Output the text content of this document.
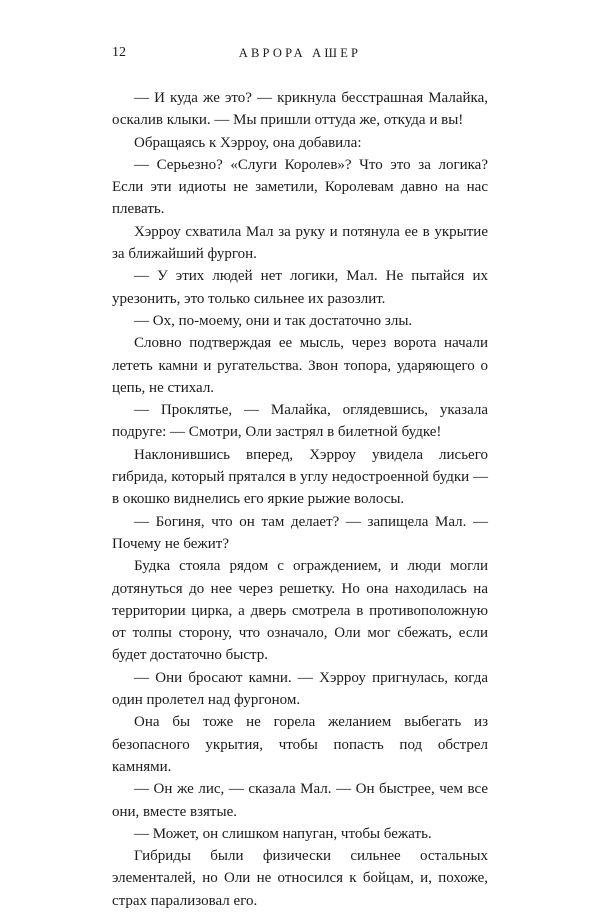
12	АВРОРА АШЕР

— И куда же это? — крикнула бесстрашная Малайка, оскалив клыки. — Мы пришли оттуда же, откуда и вы!

Обращаясь к Хэрроу, она добавила:

— Серьезно? «Слуги Королев»? Что это за логика? Если эти идиоты не заметили, Королевам давно на нас плевать.

Хэрроу схватила Мал за руку и потянула ее в укрытие за ближайший фургон.

— У этих людей нет логики, Мал. Не пытайся их урезонить, это только сильнее их разозлит.

— Ох, по-моему, они и так достаточно злы.

Словно подтверждая ее мысль, через ворота начали лететь камни и ругательства. Звон топора, ударяющего о цепь, не стихал.

— Проклятье, — Малайка, оглядевшись, указала подруге: — Смотри, Оли застрял в билетной будке!

Наклонившись вперед, Хэрроу увидела лисьего гибрида, который прятался в углу недостроенной будки — в окошко виднелись его яркие рыжие волосы.

— Богиня, что он там делает? — запищела Мал. — Почему не бежит?

Будка стояла рядом с ограждением, и люди могли дотянуться до нее через решетку. Но она находилась на территории цирка, а дверь смотрела в противоположную от толпы сторону, что означало, Оли мог сбежать, если будет достаточно быстр.

— Они бросают камни. — Хэрроу пригнулась, когда один пролетел над фургоном.

Она бы тоже не горела желанием выбегать из безопасного укрытия, чтобы попасть под обстрел камнями.

— Он же лис, — сказала Мал. — Он быстрее, чем все они, вместе взятые.

— Может, он слишком напуган, чтобы бежать.

Гибриды были физически сильнее остальных элементалей, но Оли не относился к бойцам, и, похоже, страх парализовал его.
